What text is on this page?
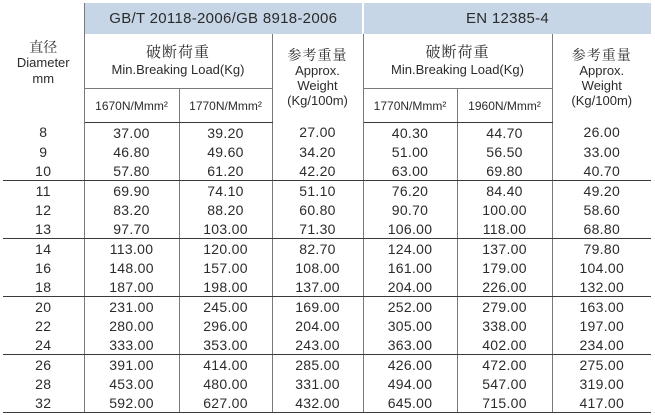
直径
Diameter
mm	GB/T 20118-2006/GB 8918-2006			EN 12385-4		

	破断荷重
Min.Breaking Load(Kg)		参考重量
Approx.
Weight
(Kg/100m)	破断荷重
Min.Breaking Load(Kg)		参考重量
Approx.
Weight
(Kg/100m)
	1670N/Mmm²	1770N/Mmm²		1770N/Mmm²	1960N/Mmm²	
8	37.00	39.20	27.00	40.30	44.70	26.00
9	46.80	49.60	34.20	51.00	56.50	33.00
10	57.80	61.20	42.20	63.00	69.80	40.70
11	69.90	74.10	51.10	76.20	84.40	49.20
12	83.20	88.20	60.80	90.70	100.00	58.60
13	97.70	103.00	71.30	106.00	118.00	68.80
14	113.00	120.00	82.70	124.00	137.00	79.80
16	148.00	157.00	108.00	161.00	179.00	104.00
18	187.00	198.00	137.00	204.00	226.00	132.00
20	231.00	245.00	169.00	252.00	279.00	163.00
22	280.00	296.00	204.00	305.00	338.00	197.00
24	333.00	353.00	243.00	363.00	402.00	234.00
26	391.00	414.00	285.00	426.00	472.00	275.00
28	453.00	480.00	331.00	494.00	547.00	319.00
32	592.00	627.00	432.00	645.00	715.00	417.00
